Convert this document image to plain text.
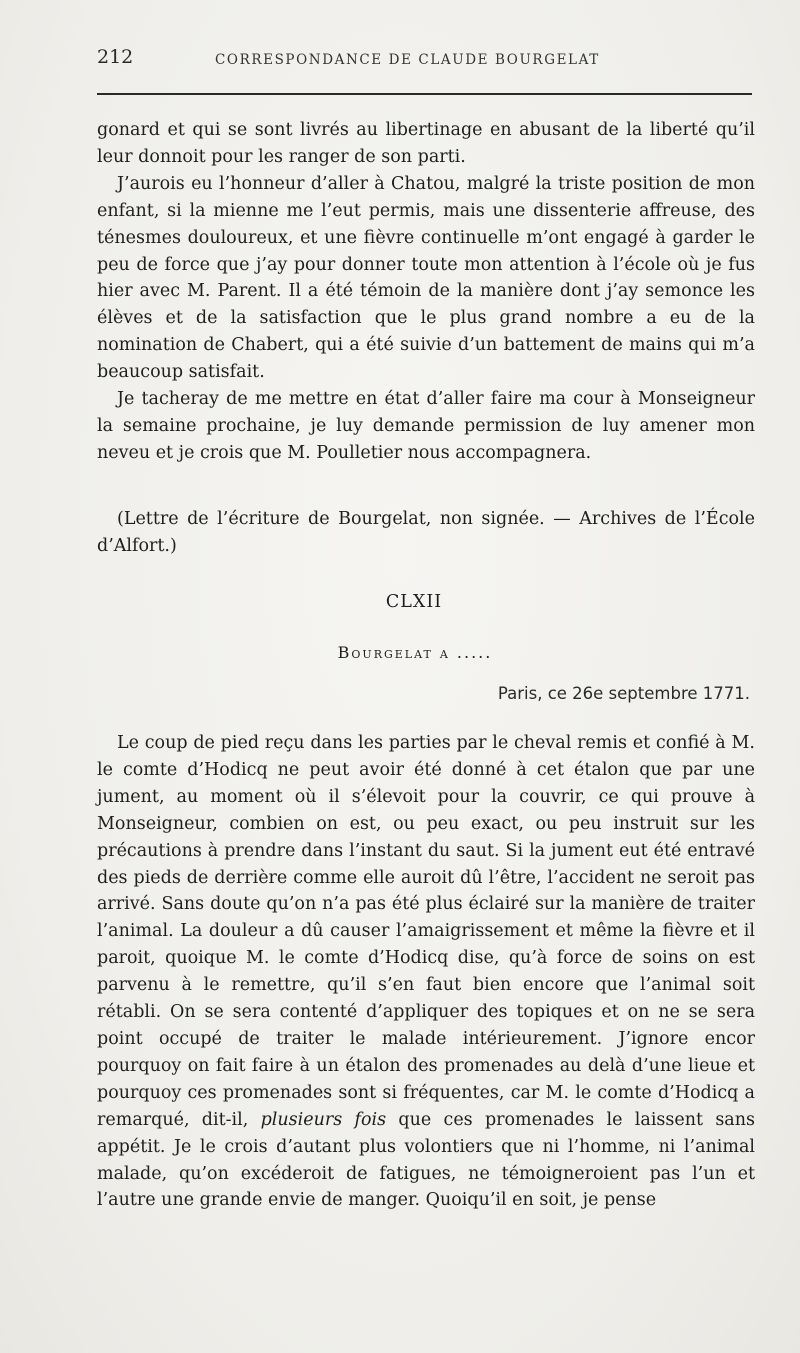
212	CORRESPONDANCE DE CLAUDE BOURGELAT

gonard et qui se sont livrés au libertinage en abusant de la liberté qu’il leur donnoit pour les ranger de son parti.

J’aurois eu l’honneur d’aller à Chatou, malgré la triste position de mon enfant, si la mienne me l’eut permis, mais une dissenterie affreuse, des ténesmes douloureux, et une fièvre continuelle m’ont engagé à garder le peu de force que j’ay pour donner toute mon attention à l’école où je fus hier avec M. Parent. Il a été témoin de la manière dont j’ay semonce les élèves et de la satisfaction que le plus grand nombre a eu de la nomination de Chabert, qui a été suivie d’un battement de mains qui m’a beaucoup satisfait.

Je tacheray de me mettre en état d’aller faire ma cour à Monseigneur la semaine prochaine, je luy demande permission de luy amener mon neveu et je crois que M. Poulletier nous accompagnera.

(Lettre de l’écriture de Bourgelat, non signée. — Archives de l’École d’Alfort.)

CLXII
Bourgelat a .....
Paris, ce 26e septembre 1771.

Le coup de pied reçu dans les parties par le cheval remis et confié à M. le comte d’Hodicq ne peut avoir été donné à cet étalon que par une jument, au moment où il s’élevoit pour la couvrir, ce qui prouve à Monseigneur, combien on est, ou peu exact, ou peu instruit sur les précautions à prendre dans l’instant du saut. Si la jument eut été entravé des pieds de derrière comme elle auroit dû l’être, l’accident ne seroit pas arrivé. Sans doute qu’on n’a pas été plus éclairé sur la manière de traiter l’animal. La douleur a dû causer l’amaigrissement et même la fièvre et il paroit, quoique M. le comte d’Hodicq dise, qu’à force de soins on est parvenu à le remettre, qu’il s’en faut bien encore que l’animal soit rétabli. On se sera contenté d’appliquer des topiques et on ne se sera point occupé de traiter le malade intérieurement. J’ignore encor pourquoy on fait faire à un étalon des promenades au delà d’une lieue et pourquoy ces promenades sont si fréquentes, car M. le comte d’Hodicq a remarqué, dit-il, plusieurs fois que ces promenades le laissent sans appétit. Je le crois d’autant plus volontiers que ni l’homme, ni l’animal malade, qu’on excéderoit de fatigues, ne témoigneroient pas l’un et l’autre une grande envie de manger. Quoiqu’il en soit, je pense
